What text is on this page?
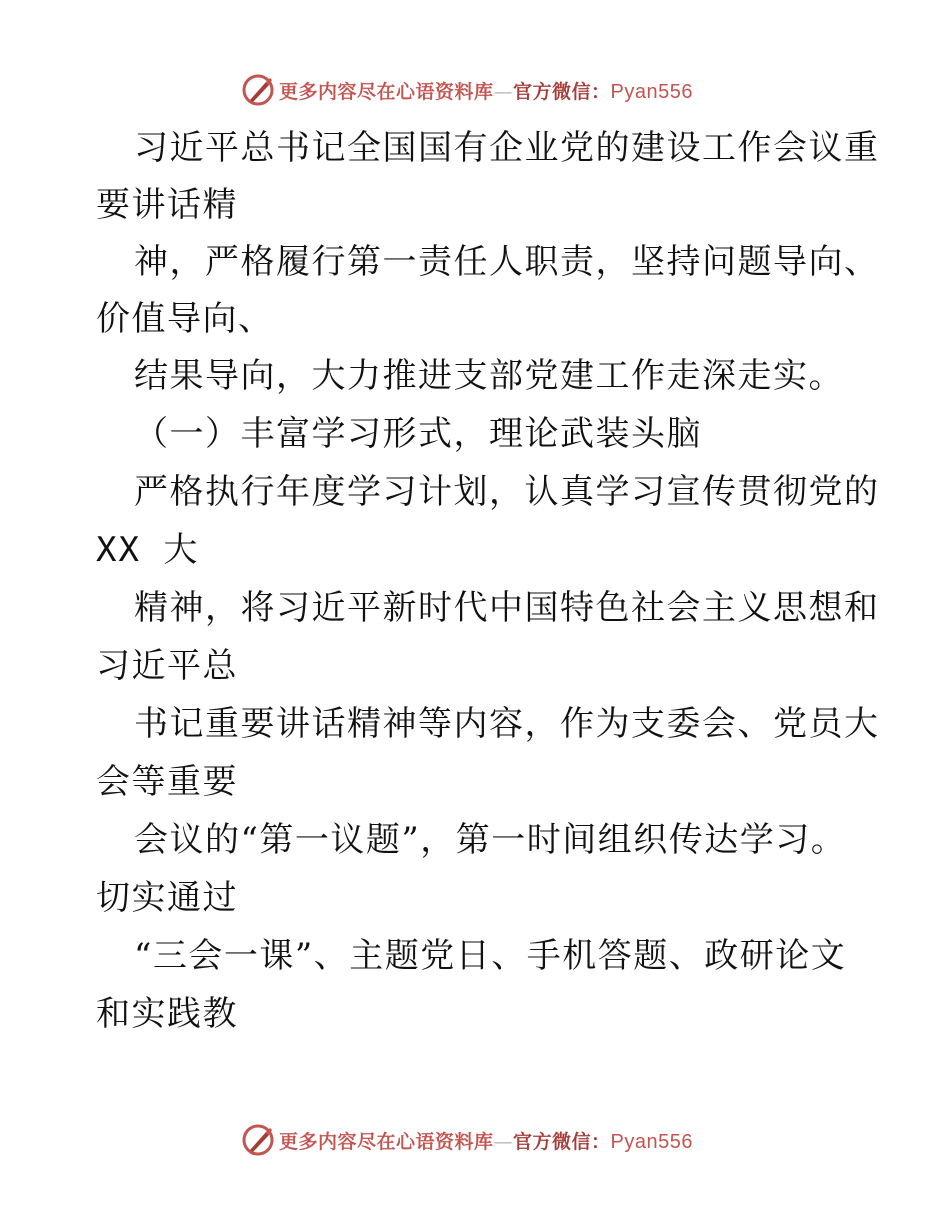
更多内容尽在心语资料库—官方微信：Pyan556
习近平总书记全国国有企业党的建设工作会议重
要讲话精
神，严格履行第一责任人职责，坚持问题导向、
价值导向、
结果导向，大力推进支部党建工作走深走实。
（一）丰富学习形式，理论武装头脑
严格执行年度学习计划，认真学习宣传贯彻党的
XX 大
精神，将习近平新时代中国特色社会主义思想和
习近平总
书记重要讲话精神等内容，作为支委会、党员大
会等重要
会议的“第一议题”，第一时间组织传达学习。
切实通过
“三会一课”、主题党日、手机答题、政研论文
和实践教
更多内容尽在心语资料库—官方微信：Pyan556
